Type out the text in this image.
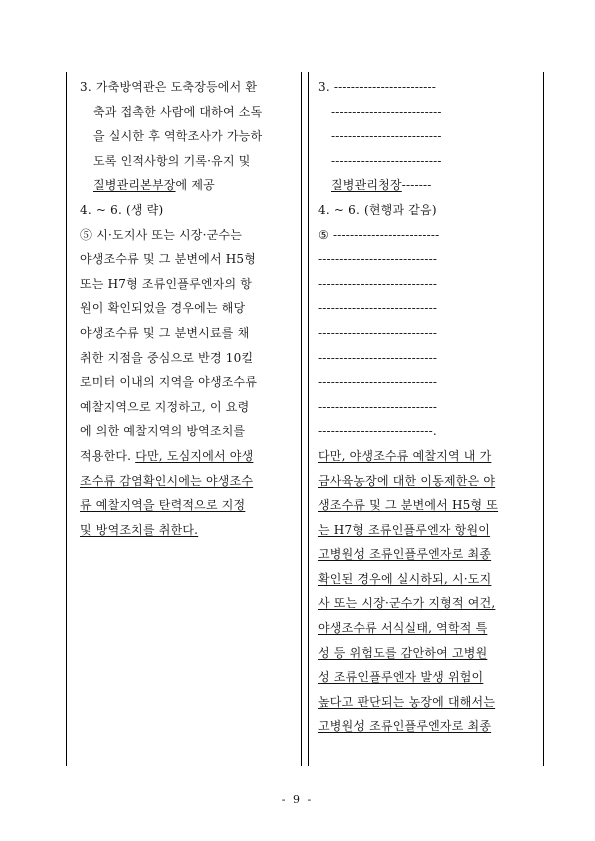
3. 가축방역관은 도축장등에서 환
축과 접촉한 사람에 대하여 소독
을 실시한 후 역학조사가 가능하
도록 인적사항의 기록·유지 및
질병관리본부장에 제공
4. ~ 6. (생 략)
⑤ 시·도지사 또는 시장·군수는
야생조수류 및 그 분변에서 H5형
또는 H7형 조류인플루엔자의 항
원이 확인되었을 경우에는 해당
야생조수류 및 그 분변시료를 채
취한 지점을 중심으로 반경 10킬
로미터 이내의 지역을 야생조수류
예찰지역으로 지정하고, 이 요령
에 의한 예찰지역의 방역조치를
적용한다. 다만, 도심지에서 야생
조수류 감염확인시에는 야생조수
류 예찰지역을 탄력적으로 지정
및 방역조치를 취한다.
3. ------------------------
--------------------------
--------------------------
--------------------------
질병관리청장-------
4. ~ 6. (현행과 같음)
⑤ -------------------------
----------------------------
----------------------------
----------------------------
----------------------------
----------------------------
----------------------------
----------------------------
---------------------------.
다만, 야생조수류 예찰지역 내 가
금사육농장에 대한 이동제한은 야
생조수류 및 그 분변에서 H5형 또
는 H7형 조류인플루엔자 항원이
고병원성 조류인플루엔자로 최종
확인된 경우에 실시하되, 시·도지
사 또는 시장·군수가 지형적 여건,
야생조수류 서식실태, 역학적 특
성 등 위험도를 감안하여 고병원
성 조류인플루엔자 발생 위험이
높다고 판단되는 농장에 대해서는
고병원성 조류인플루엔자로 최종
- 9 -
